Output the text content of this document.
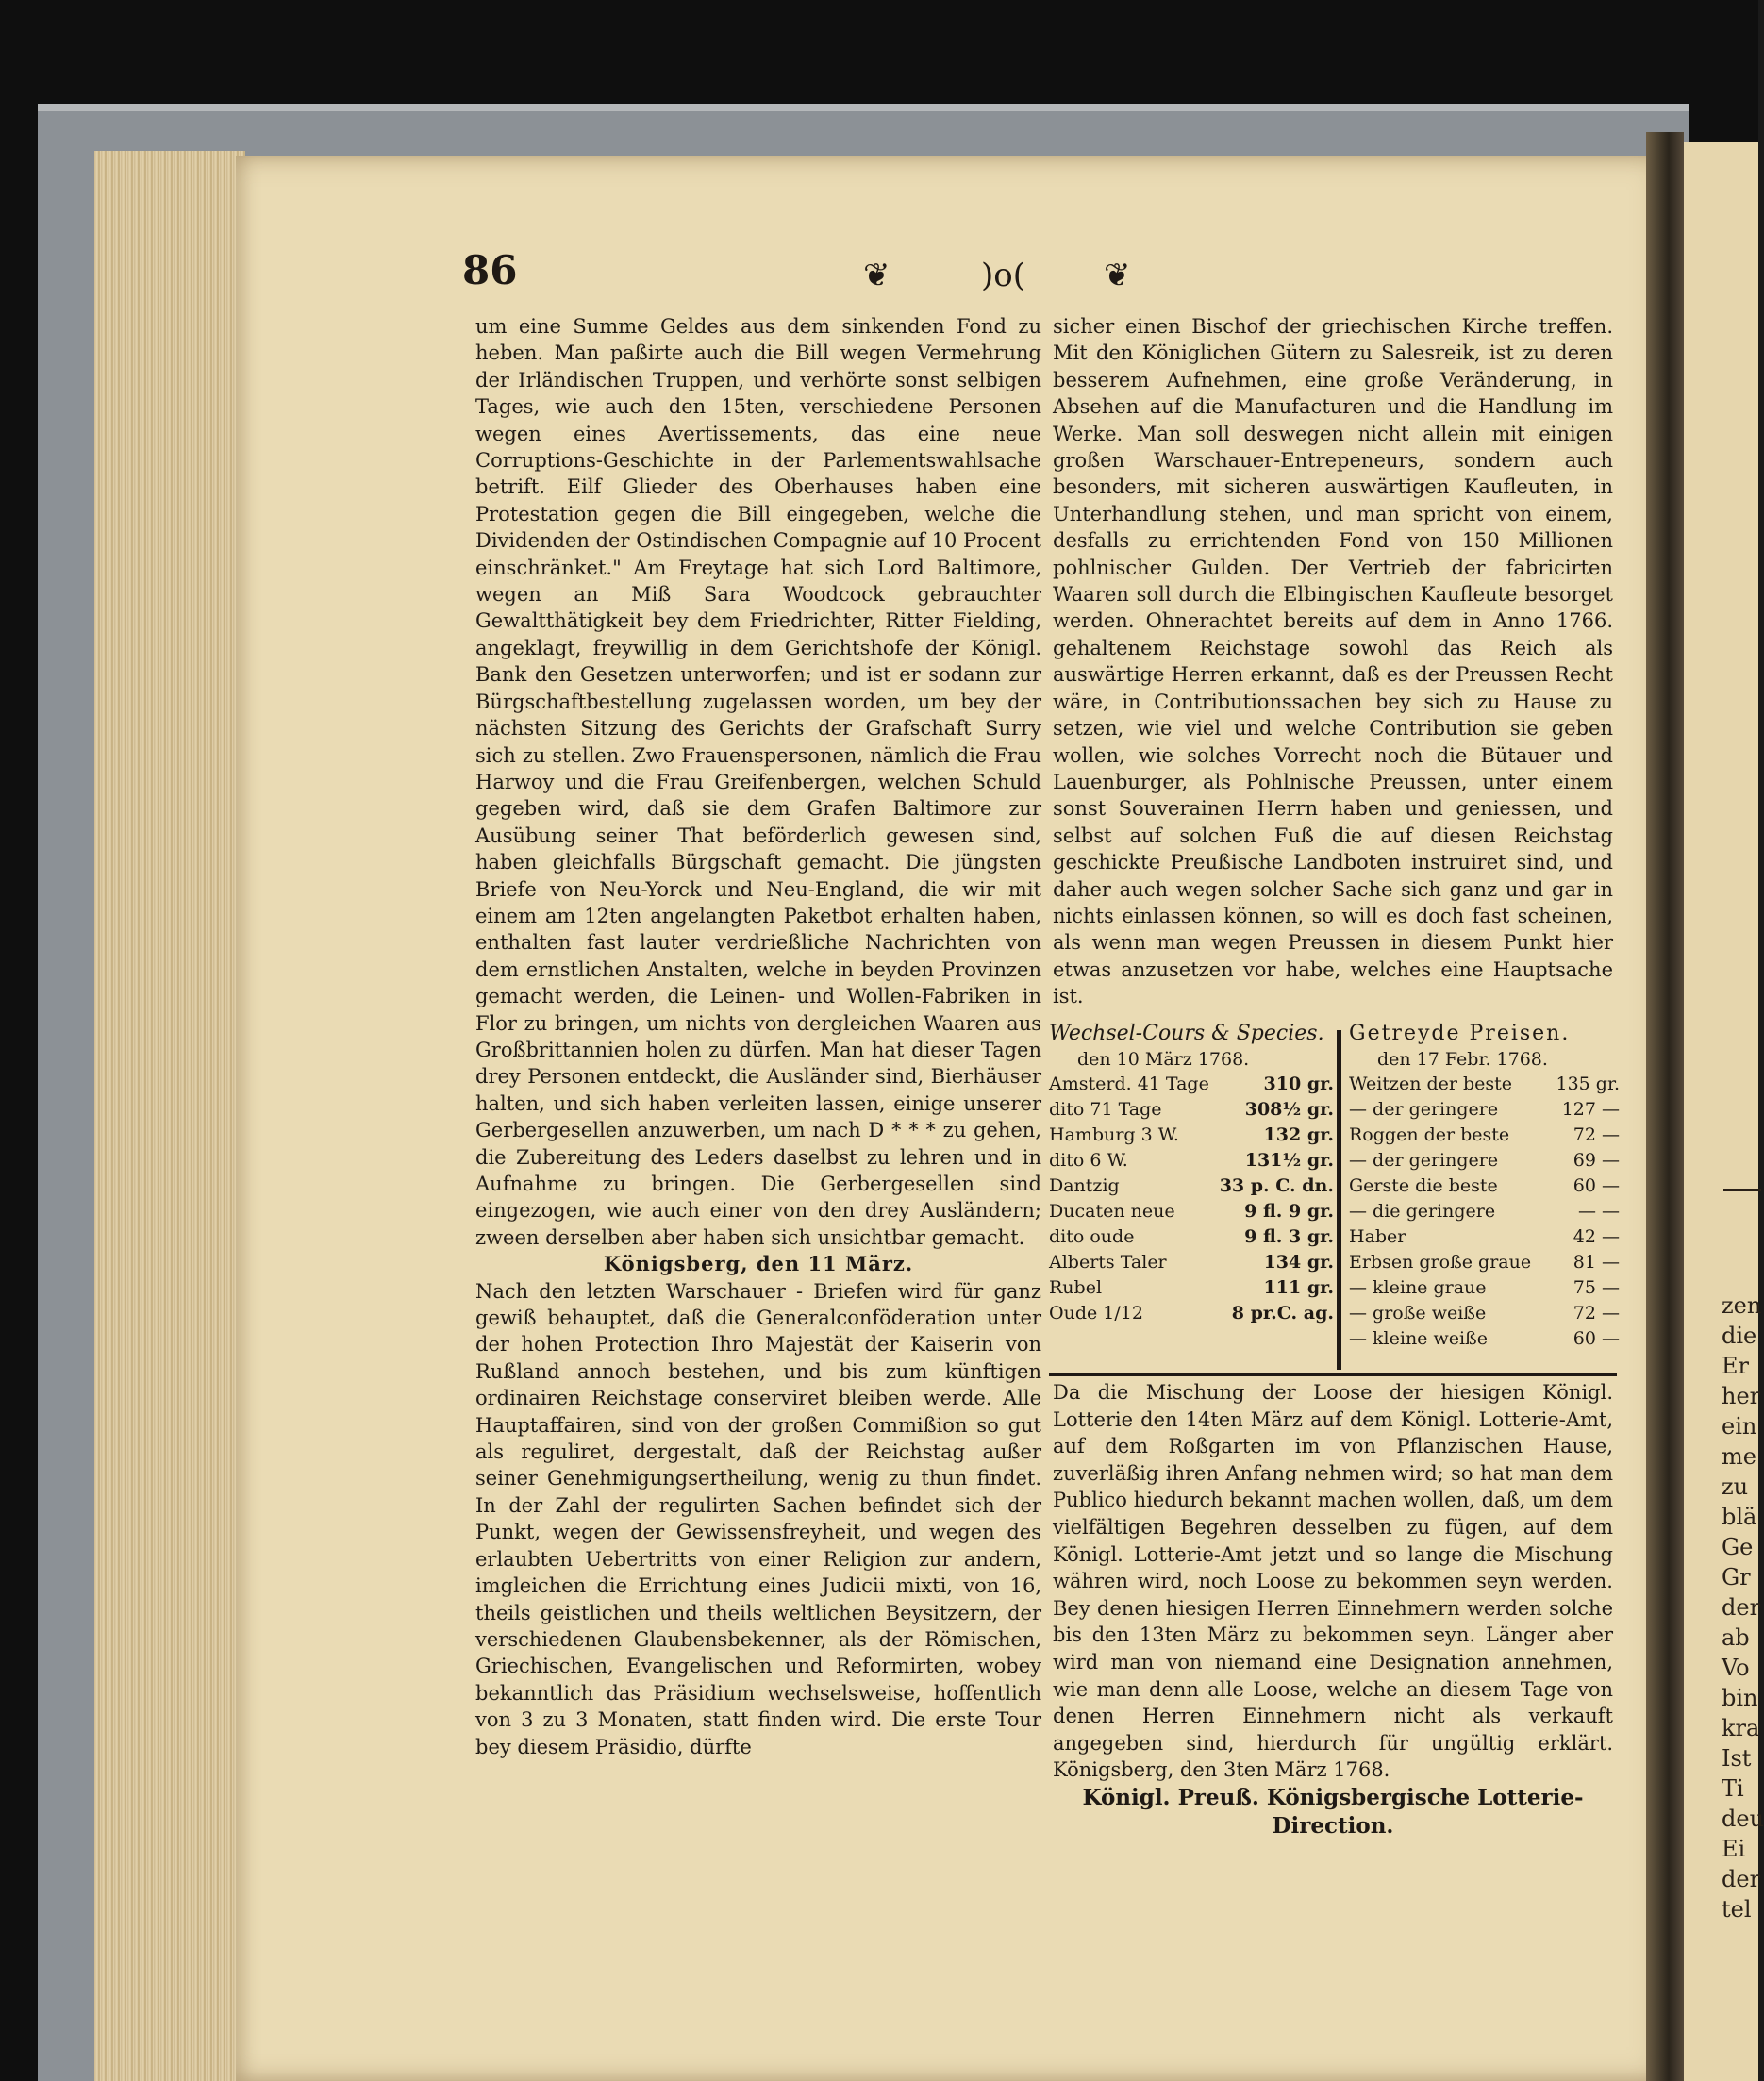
zen
die
Er
her
ein
me
zu
blä
Ge
Gr
der
ab
Vo
bin
kra
Ist
Ti
deu
Ei
der
tel
86	❦	)o( ❦

um eine Summe Geldes aus dem sinkenden Fond zu heben. Man paßirte auch die Bill wegen Vermehrung der Irländischen Truppen, und verhörte sonst selbigen Tages, wie auch den 15ten, verschiedene Personen wegen eines Avertissements, das eine neue Corruptions-Geschichte in der Parlementswahlsache betrift. Eilf Glieder des Oberhauses haben eine Protestation gegen die Bill eingegeben, welche die Dividenden der Ostindischen Compagnie auf 10 Procent einschränket." Am Freytage hat sich Lord Baltimore, wegen an Miß Sara Woodcock gebrauchter Gewaltthätigkeit bey dem Friedrichter, Ritter Fielding, angeklagt, freywillig in dem Gerichtshofe der Königl. Bank den Gesetzen unterworfen; und ist er sodann zur Bürgschaftbestellung zugelassen worden, um bey der nächsten Sitzung des Gerichts der Grafschaft Surry sich zu stellen. Zwo Frauenspersonen, nämlich die Frau Harwoy und die Frau Greifenbergen, welchen Schuld gegeben wird, daß sie dem Grafen Baltimore zur Ausübung seiner That beförderlich gewesen sind, haben gleichfalls Bürgschaft gemacht. Die jüngsten Briefe von Neu-Yorck und Neu-England, die wir mit einem am 12ten angelangten Paketbot erhalten haben, enthalten fast lauter verdrießliche Nachrichten von dem ernstlichen Anstalten, welche in beyden Provinzen gemacht werden, die Leinen- und Wollen-Fabriken in Flor zu bringen, um nichts von dergleichen Waaren aus Großbrittannien holen zu dürfen. Man hat dieser Tagen drey Personen entdeckt, die Ausländer sind, Bierhäuser halten, und sich haben verleiten lassen, einige unserer Gerbergesellen anzuwerben, um nach D * * * zu gehen, die Zubereitung des Leders daselbst zu lehren und in Aufnahme zu bringen. Die Gerbergesellen sind eingezogen, wie auch einer von den drey Ausländern; zween derselben aber haben sich unsichtbar gemacht.

Königsberg, den 11 März.

Nach den letzten Warschauer - Briefen wird für ganz gewiß behauptet, daß die Generalconföderation unter der hohen Protection Ihro Majestät der Kaiserin von Rußland annoch bestehen, und bis zum künftigen ordinairen Reichstage conserviret bleiben werde. Alle Hauptaffairen, sind von der großen Commißion so gut als reguliret, dergestalt, daß der Reichstag außer seiner Genehmigungsertheilung, wenig zu thun findet. In der Zahl der regulirten Sachen befindet sich der Punkt, wegen der Gewissensfreyheit, und wegen des erlaubten Uebertritts von einer Religion zur andern, imgleichen die Errichtung eines Judicii mixti, von 16, theils geistlichen und theils weltlichen Beysitzern, der verschiedenen Glaubensbekenner, als der Römischen, Griechischen, Evangelischen und Reformirten, wobey bekanntlich das Präsidium wechselsweise, hoffentlich von 3 zu 3 Monaten, statt finden wird. Die erste Tour bey diesem Präsidio, dürfte

sicher einen Bischof der griechischen Kirche treffen. Mit den Königlichen Gütern zu Salesreik, ist zu deren besserem Aufnehmen, eine große Veränderung, in Absehen auf die Manufacturen und die Handlung im Werke. Man soll deswegen nicht allein mit einigen großen Warschauer-Entrepeneurs, sondern auch besonders, mit sicheren auswärtigen Kaufleuten, in Unterhandlung stehen, und man spricht von einem, desfalls zu errichtenden Fond von 150 Millionen pohlnischer Gulden. Der Vertrieb der fabricirten Waaren soll durch die Elbingischen Kaufleute besorget werden. Ohnerachtet bereits auf dem in Anno 1766. gehaltenem Reichstage sowohl das Reich als auswärtige Herren erkannt, daß es der Preussen Recht wäre, in Contributionssachen bey sich zu Hause zu setzen, wie viel und welche Contribution sie geben wollen, wie solches Vorrecht noch die Bütauer und Lauenburger, als Pohlnische Preussen, unter einem sonst Souverainen Herrn haben und geniessen, und selbst auf solchen Fuß die auf diesen Reichstag geschickte Preußische Landboten instruiret sind, und daher auch wegen solcher Sache sich ganz und gar in nichts einlassen können, so will es doch fast scheinen, als wenn man wegen Preussen in diesem Punkt hier etwas anzusetzen vor habe, welches eine Hauptsache ist.

Wechsel-Cours & Species.
den 10 März 1768.
Amsterd. 41 Tage	310 gr.
dito 71 Tage	308½ gr.
Hamburg 3 W.	132 gr.
dito 6 W.	131½ gr.
Dantzig	33 p. C. dn.
Ducaten neue	9 fl. 9 gr.
dito oude	9 fl. 3 gr.
Alberts Taler	134 gr.
Rubel	111 gr.
Oude 1/12	8 pr.C. ag.
Getreyde Preisen.
den 17 Febr. 1768.
Weitzen der beste 135 gr.
— der geringere	127 —
Roggen der beste	72 —
— der geringere	69 —
Gerste die beste	60 —
— die geringere	— —
Haber	42 —
Erbsen große graue 81 —
— kleine graue	75 —
— große weiße	72 —
— kleine weiße	60 —

Da die Mischung der Loose der hiesigen Königl. Lotterie den 14ten März auf dem Königl. Lotterie-Amt, auf dem Roßgarten im von Pflanzischen Hause, zuverläßig ihren Anfang nehmen wird; so hat man dem Publico hiedurch bekannt machen wollen, daß, um dem vielfältigen Begehren desselben zu fügen, auf dem Königl. Lotterie-Amt jetzt und so lange die Mischung währen wird, noch Loose zu bekommen seyn werden. Bey denen hiesigen Herren Einnehmern werden solche bis den 13ten März zu bekommen seyn. Länger aber wird man von niemand eine Designation annehmen, wie man denn alle Loose, welche an diesem Tage von denen Herren Einnehmern nicht als verkauft angegeben sind, hierdurch für ungültig erklärt. Königsberg, den 3ten März 1768.

Königl. Preuß. Königsbergische Lotterie-Direction.
